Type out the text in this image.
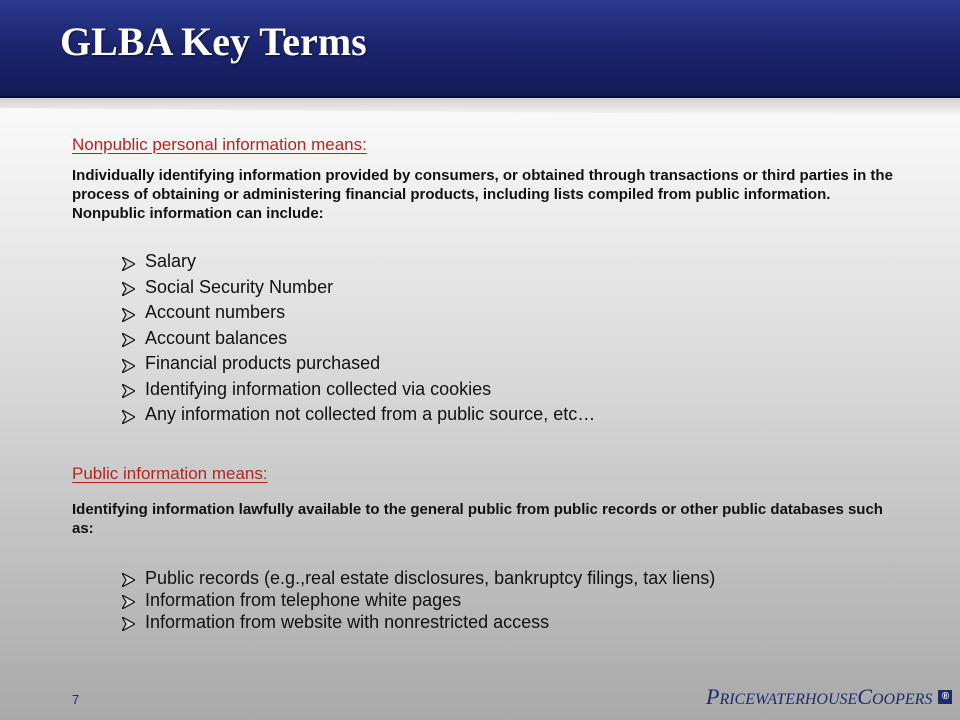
GLBA Key Terms

Nonpublic personal information means:

Individually identifying information provided by consumers, or obtained through transactions or third parties in the process of obtaining or administering financial products, including lists compiled from public information. Nonpublic information can include:

Salary
Social Security Number
Account numbers
Account balances
Financial products purchased
Identifying information collected via cookies
Any information not collected from a public source, etc…

Public information means:

Identifying information lawfully available to the general public from public records or other public databases such as:

Public records (e.g.,real estate disclosures, bankruptcy filings, tax liens)
Information from telephone white pages
Information from website with nonrestricted access
7	PRICEWATERHOUSECOOPERS ®
